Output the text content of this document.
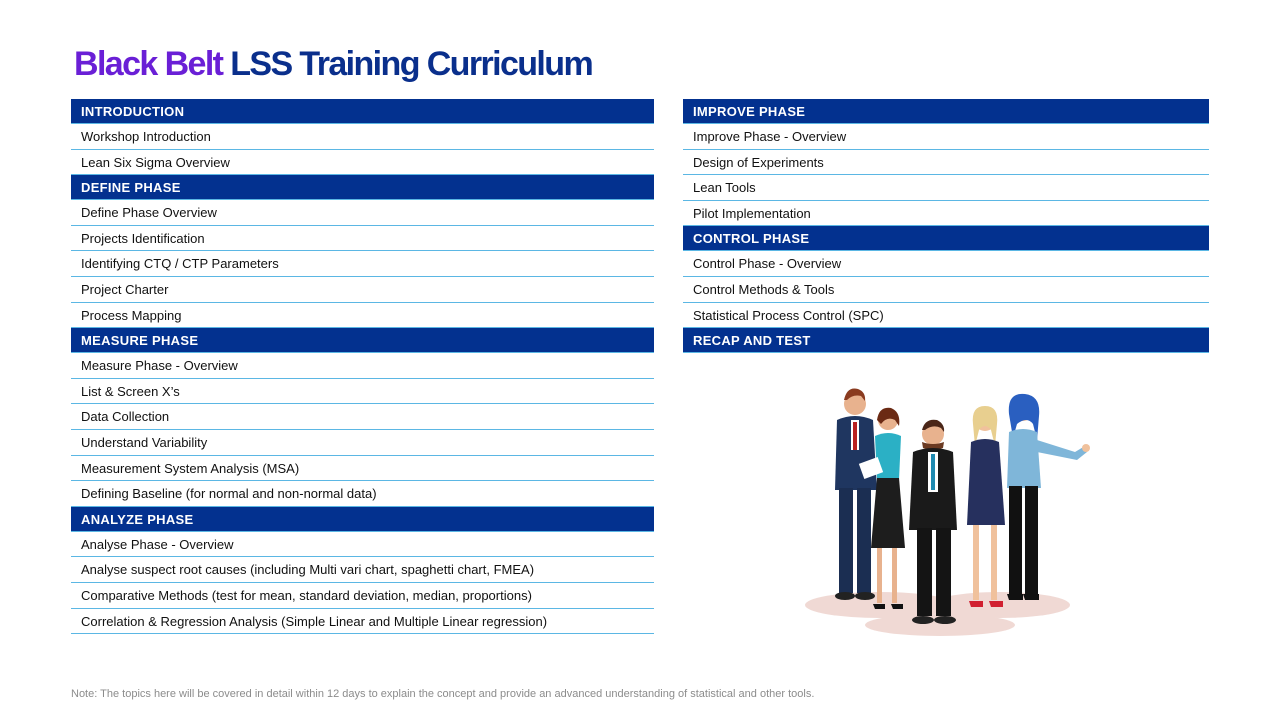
Black Belt LSS Training Curriculum
INTRODUCTION
Workshop Introduction
Lean Six Sigma Overview
DEFINE PHASE
Define Phase Overview
Projects Identification
Identifying CTQ / CTP Parameters
Project Charter
Process Mapping
MEASURE PHASE
Measure Phase - Overview
List & Screen X’s
Data Collection
Understand Variability
Measurement System Analysis (MSA)
Defining Baseline (for normal and non-normal data)
ANALYZE PHASE
Analyse Phase - Overview
Analyse suspect root causes (including Multi vari chart, spaghetti chart, FMEA)
Comparative Methods (test for mean, standard deviation, median, proportions)
Correlation & Regression Analysis (Simple Linear and Multiple Linear regression)
IMPROVE PHASE
Improve Phase - Overview
Design of Experiments
Lean Tools
Pilot Implementation
CONTROL PHASE
Control Phase - Overview
Control Methods & Tools
Statistical Process Control (SPC)
RECAP AND TEST
Note: The topics here will be covered in detail within 12 days to explain the concept and provide an advanced understanding of statistical and other tools.
